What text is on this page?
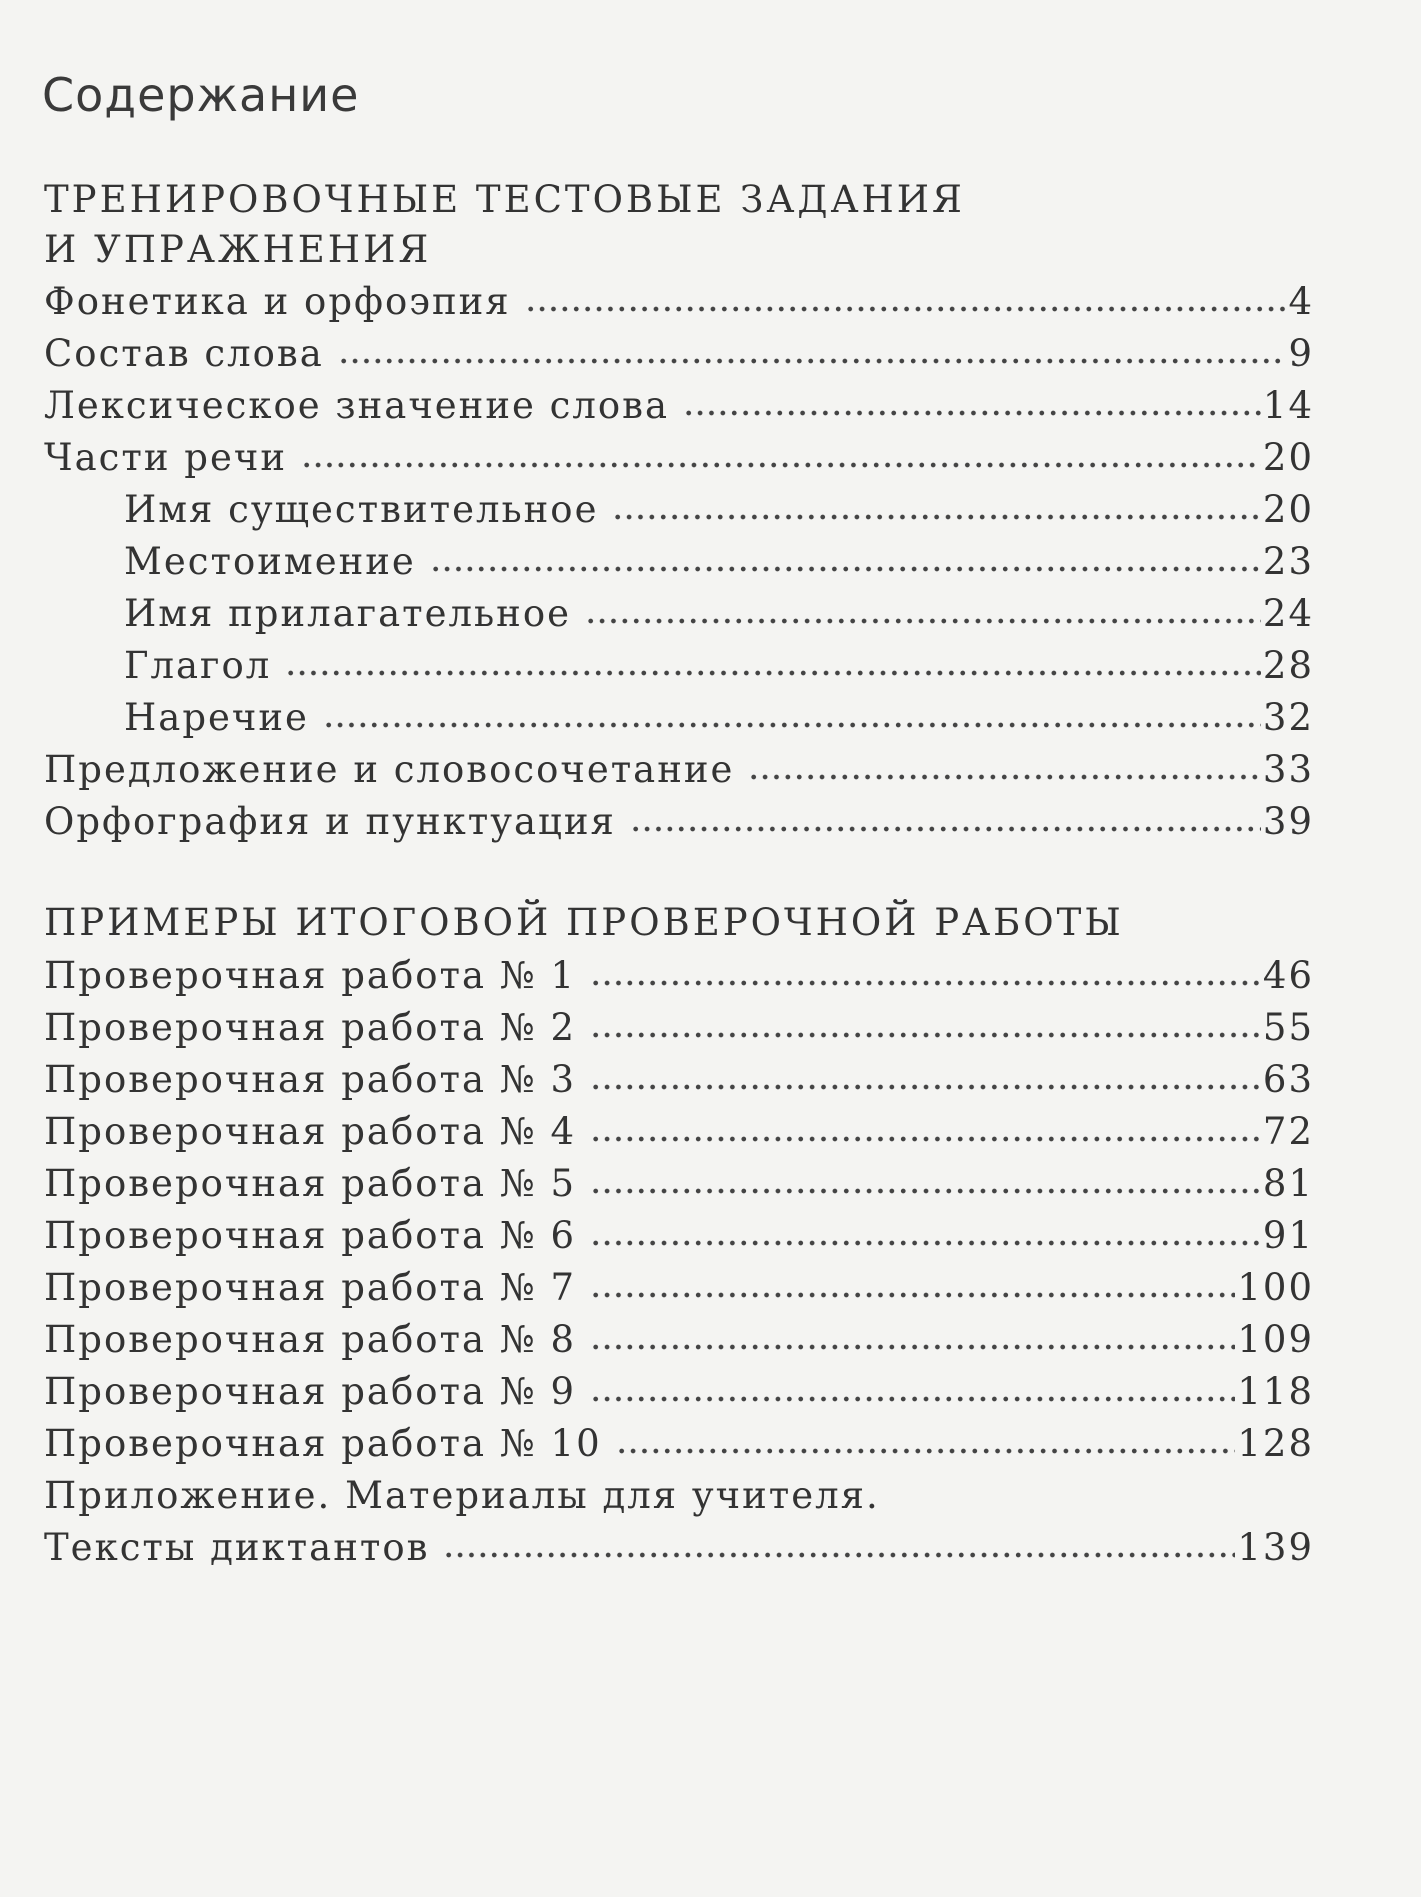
Содержание
ТРЕНИРОВОЧНЫЕ ТЕСТОВЫЕ ЗАДАНИЯ
И УПРАЖНЕНИЯ
Фонетика и орфоэпия	4
Состав слова	9
Лексическое значение слова	14
Части речи	20
Имя существительное	20
Местоимение	23
Имя прилагательное	24
Глагол	28
Наречие	32
Предложение и словосочетание	33
Орфография и пунктуация	39
ПРИМЕРЫ ИТОГОВОЙ ПРОВЕРОЧНОЙ РАБОТЫ
Проверочная работа № 1	46
Проверочная работа № 2	55
Проверочная работа № 3	63
Проверочная работа № 4	72
Проверочная работа № 5	81
Проверочная работа № 6	91
Проверочная работа № 7	100
Проверочная работа № 8	109
Проверочная работа № 9	118
Проверочная работа № 10	128
Приложение. Материалы для учителя.
Тексты диктантов	139
